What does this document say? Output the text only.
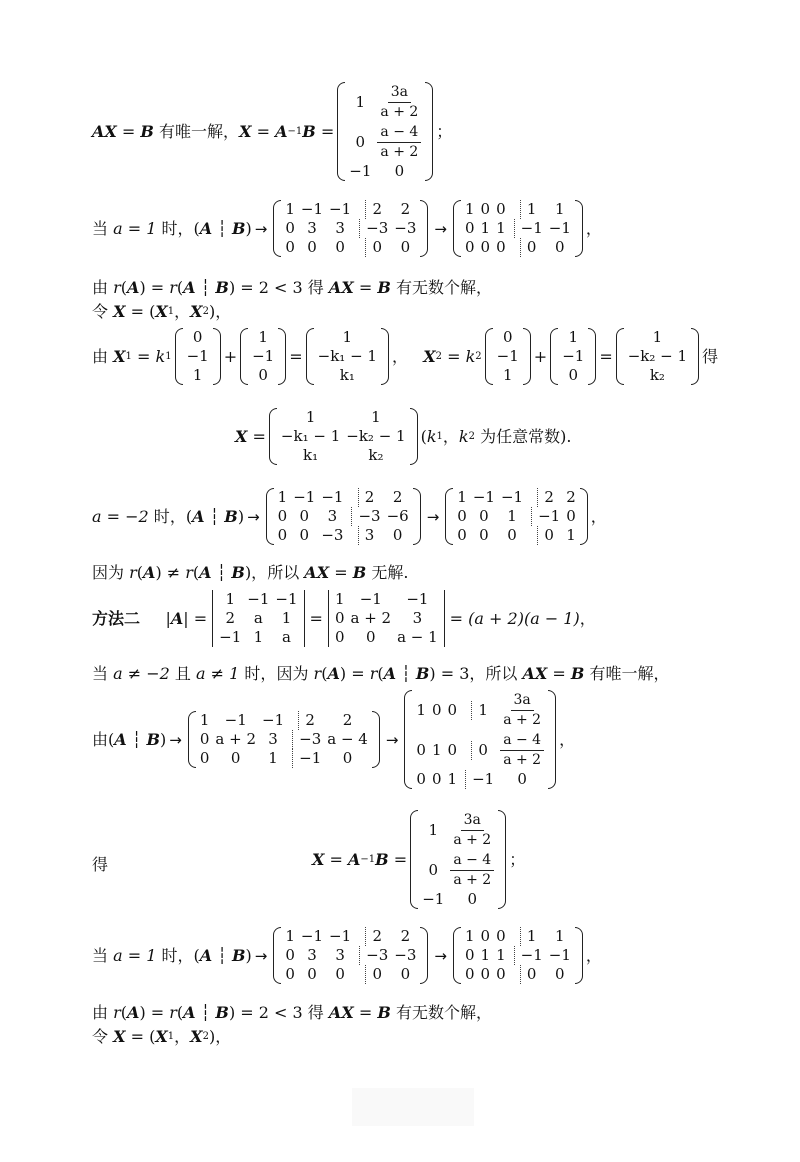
AX = B
有唯一解 ， X = A −1 B =
$1 \frac{3a}{a + 2}$
$0 \frac{a - 4}{a + 2}$
−1 0
；
当
a = 1
时 ，( A ┆ B ) →
1 −1 −1	2 2
0 3 3	−3 −3
0 0 0	0 0
→
1 0 0	1 1
0 1 1	−1 −1
0 0 0	0 0
，
由
r ( A ) = r ( A ┆ B ) = 2 < 3
得
AX = B
有无数个解 ，
令
X = ( X 1 ， X 2 )，
由
X 1 = k 1
0
−1
1
+
1
−1
0
=
1
−k₁ − 1
k₁
， X 2 = k 2
0
−1
1
+
1
−1
0
=
1
−k₂ − 1
k₂
得
X =
1	1
−k₁ − 1 −k₂ − 1
k₁	k₂
( k 1 ， k 2
为任意常数 ).
a = −2
时 ，( A ┆ B ) →
1 −1 −1	2 2
0 0 3	−3 −6
0 0 −3	3 0
→
1 −1 −1	2 2
0 0 1	−1 0
0 0 0	0 1
，
因为
r ( A ) ≠ r ( A ┆ B )， 所以
AX = B
无解 .
方法二 | A | =
1 −1 −1
2 a 1
−1 1 a
=
1 −1 −1
0 a + 2 3
0 0 a − 1
= (a + 2)(a − 1) ，
当
a ≠ −2
且
a ≠ 1
时 ， 因为
r ( A ) = r ( A ┆ B ) = 3 ， 所以
AX = B
有唯一解 ，
由 ( A ┆ B ) →
1 −1 −1	2 2
0 a + 2 3	−3 a − 4
0 0 1	−1 0
→
1 0 0	$1 \frac{3a}{a + 2}$
0 1 0	$0 \frac{a - 4}{a + 2}$
0 0 1	−1 0
，
得	X = A −1 B =
$1 \frac{3a}{a + 2}$
$0 \frac{a - 4}{a + 2}$
−1 0
；
当
a = 1
时 ，( A ┆ B ) →
1 −1 −1	2 2
0 3 3	−3 −3
0 0 0	0 0
→
1 0 0	1 1
0 1 1	−1 −1
0 0 0	0 0
，
由
r ( A ) = r ( A ┆ B ) = 2 < 3
得
AX = B
有无数个解 ，
令
X = ( X 1 ， X 2 )，
